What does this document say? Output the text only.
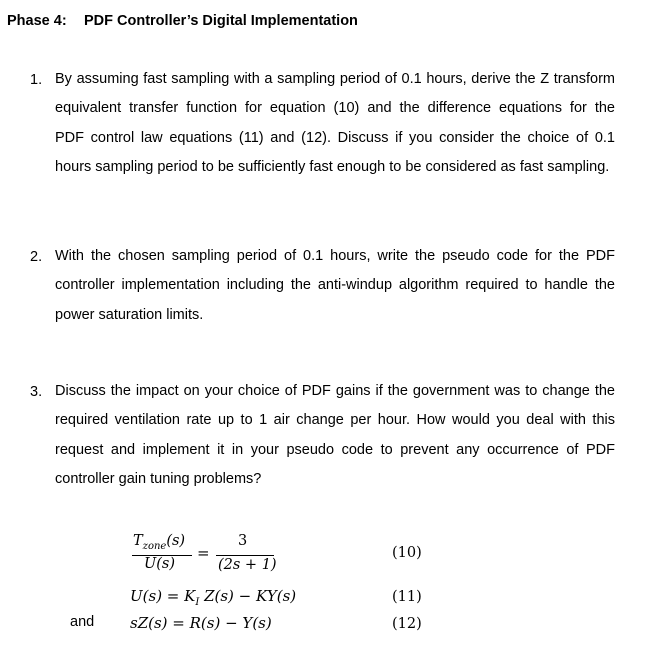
Phase 4: PDF Controller’s Digital Implementation
1. By assuming fast sampling with a sampling period of 0.1 hours, derive the Z transform
equivalent transfer function for equation (10) and the difference equations for the
PDF control law equations (11) and (12). Discuss if you consider the choice of 0.1
hours sampling period to be sufficiently fast enough to be considered as fast sampling.
2. With the chosen sampling period of 0.1 hours, write the pseudo code for the PDF
controller implementation including the anti-windup algorithm required to handle the
power saturation limits.
3. Discuss the impact on your choice of PDF gains if the government was to change the
required ventilation rate up to 1 air change per hour. How would you deal with this
request and implement it in your pseudo code to prevent any occurrence of PDF
controller gain tuning problems?
$T_{zone}(s)$
U(s)
=
3
(2s + 1)
(10)
$U(s) = K_I$ Z(s) − KY(s)	(11)
and sZ(s) = R(s) − Y(s)	(12)
